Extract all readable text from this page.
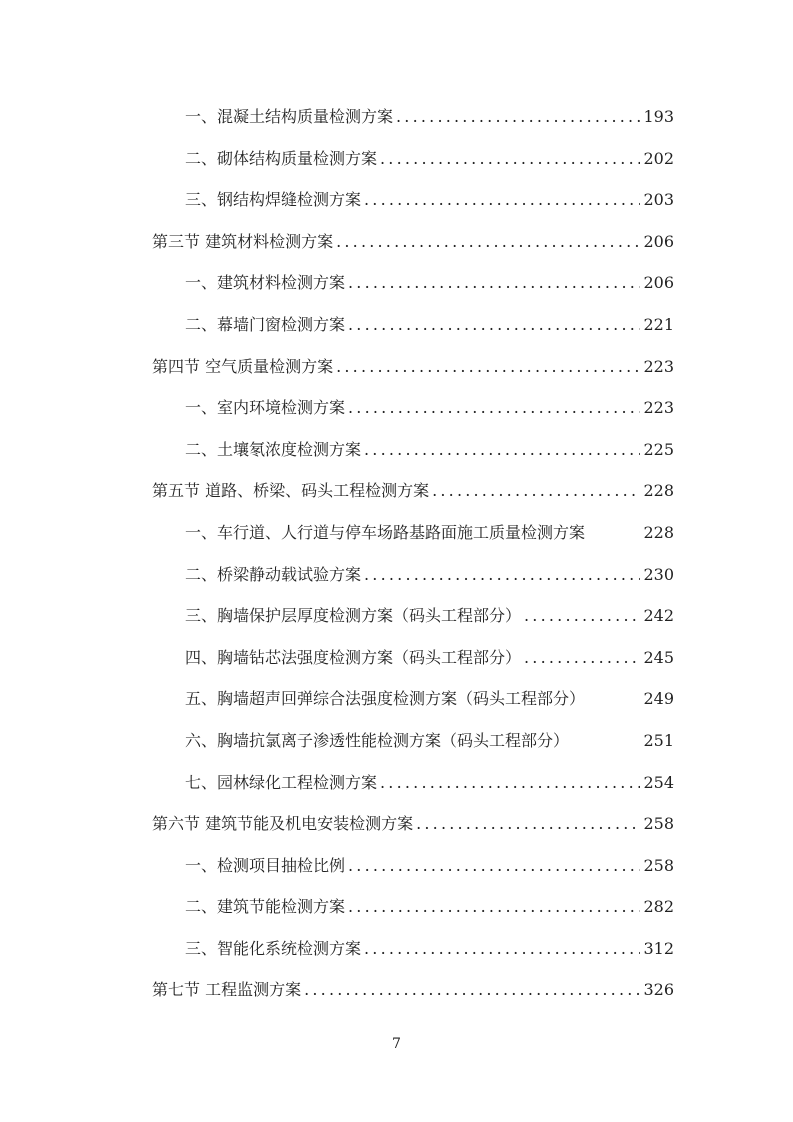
一、混凝土结构质量检测方案 .....	193
二、砌体结构质量检测方案 .....	202
三、钢结构焊缝检测方案 .....	203
第三节 建筑材料检测方案 .....	206
一、建筑材料检测方案 .....	206
二、幕墙门窗检测方案 .....	221
第四节 空气质量检测方案 .....	223
一、室内环境检测方案 .....	223
二、土壤氡浓度检测方案 .....	225
第五节 道路、桥梁、码头工程检测方案 .....	228
一、车行道、人行道与停车场路基路面施工质量检测方案	228
二、桥梁静动载试验方案 .....	230
三、胸墙保护层厚度检测方案（码头工程部分） .....	242
四、胸墙钻芯法强度检测方案（码头工程部分） .....	245
五、胸墙超声回弹综合法强度检测方案（码头工程部分）	249
六、胸墙抗氯离子渗透性能检测方案（码头工程部分）	251
七、园林绿化工程检测方案 .....	254
第六节 建筑节能及机电安装检测方案 .....	258
一、检测项目抽检比例 .....	258
二、建筑节能检测方案 .....	282
三、智能化系统检测方案 .....	312
第七节 工程监测方案 .....	326
7
